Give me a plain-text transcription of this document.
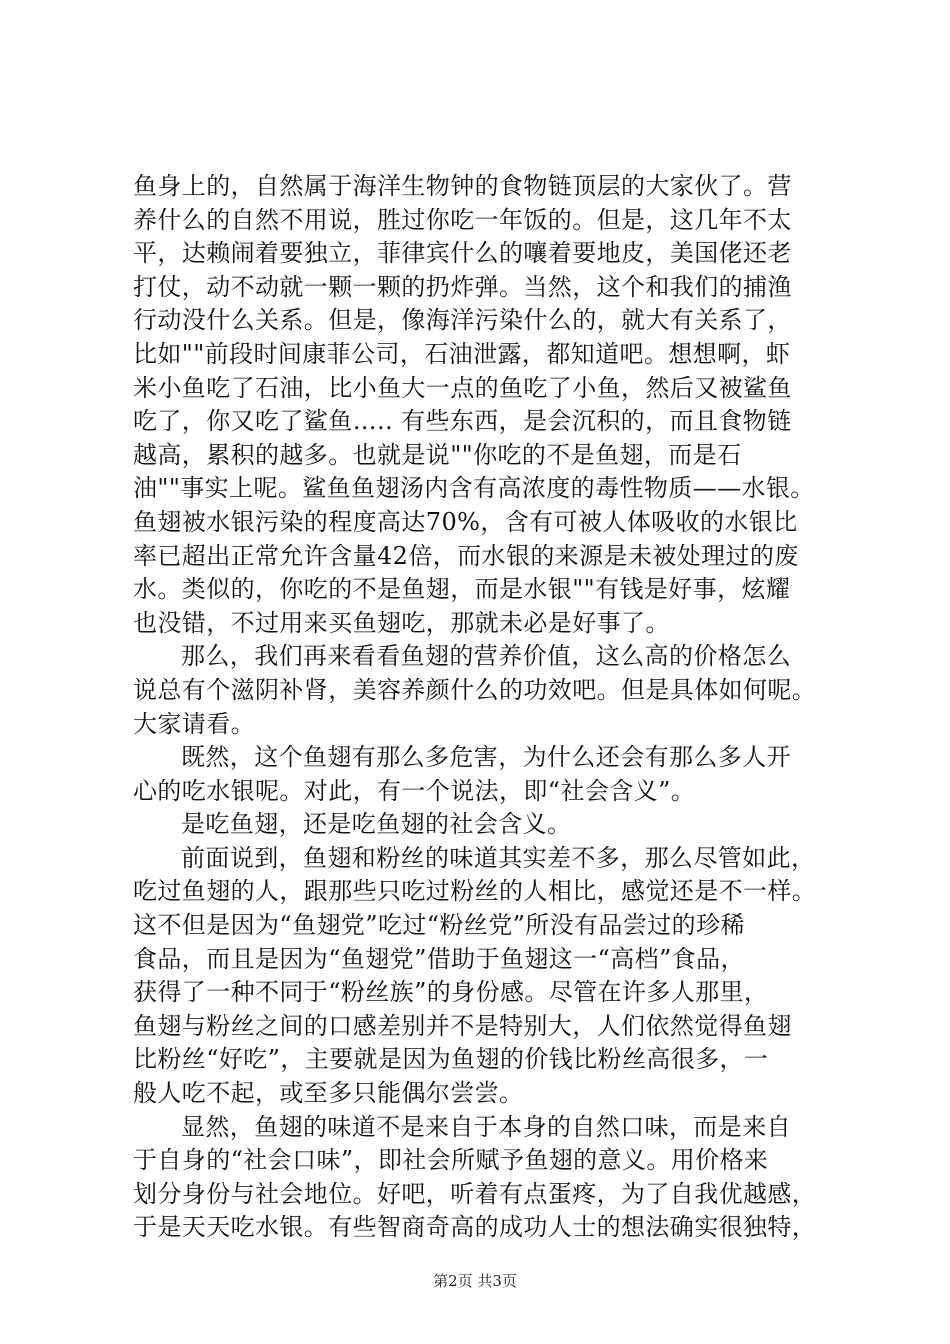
鱼身上的，自然属于海洋生物钟的食物链顶层的大家伙了。营
养什么的自然不用说，胜过你吃一年饭的。但是，这几年不太
平，达赖闹着要独立，菲律宾什么的嚷着要地皮，美国佬还老
打仗，动不动就一颗一颗的扔炸弹。当然，这个和我们的捕渔
行动没什么关系。但是，像海洋污染什么的，就大有关系了，
比如""前段时间康菲公司，石油泄露，都知道吧。想想啊，虾
米小鱼吃了石油，比小鱼大一点的鱼吃了小鱼，然后又被鲨鱼
吃了，你又吃了鲨鱼….. 有些东西，是会沉积的，而且食物链
越高，累积的越多。也就是说""你吃的不是鱼翅，而是石
油""事实上呢。鲨鱼鱼翅汤内含有高浓度的毒性物质——水银。
鱼翅被水银污染的程度高达70%，含有可被人体吸收的水银比
率已超出正常允许含量42倍，而水银的来源是未被处理过的废
水。类似的，你吃的不是鱼翅，而是水银""有钱是好事，炫耀
也没错，不过用来买鱼翅吃，那就未必是好事了。
那么，我们再来看看鱼翅的营养价值，这么高的价格怎么
说总有个滋阴补肾，美容养颜什么的功效吧。但是具体如何呢。
大家请看。
既然，这个鱼翅有那么多危害，为什么还会有那么多人开
心的吃水银呢。对此，有一个说法，即“社会含义”。
是吃鱼翅，还是吃鱼翅的社会含义。
前面说到，鱼翅和粉丝的味道其实差不多，那么尽管如此，
吃过鱼翅的人，跟那些只吃过粉丝的人相比，感觉还是不一样。
这不但是因为“鱼翅党”吃过“粉丝党”所没有品尝过的珍稀
食品，而且是因为“鱼翅党”借助于鱼翅这一“高档”食品，
获得了一种不同于“粉丝族”的身份感。尽管在许多人那里，
鱼翅与粉丝之间的口感差别并不是特别大，人们依然觉得鱼翅
比粉丝“好吃”，主要就是因为鱼翅的价钱比粉丝高很多，一
般人吃不起，或至多只能偶尔尝尝。
显然，鱼翅的味道不是来自于本身的自然口味，而是来自
于自身的“社会口味”，即社会所赋予鱼翅的意义。用价格来
划分身份与社会地位。好吧，听着有点蛋疼，为了自我优越感，
于是天天吃水银。有些智商奇高的成功人士的想法确实很独特，
第2页 共3页
